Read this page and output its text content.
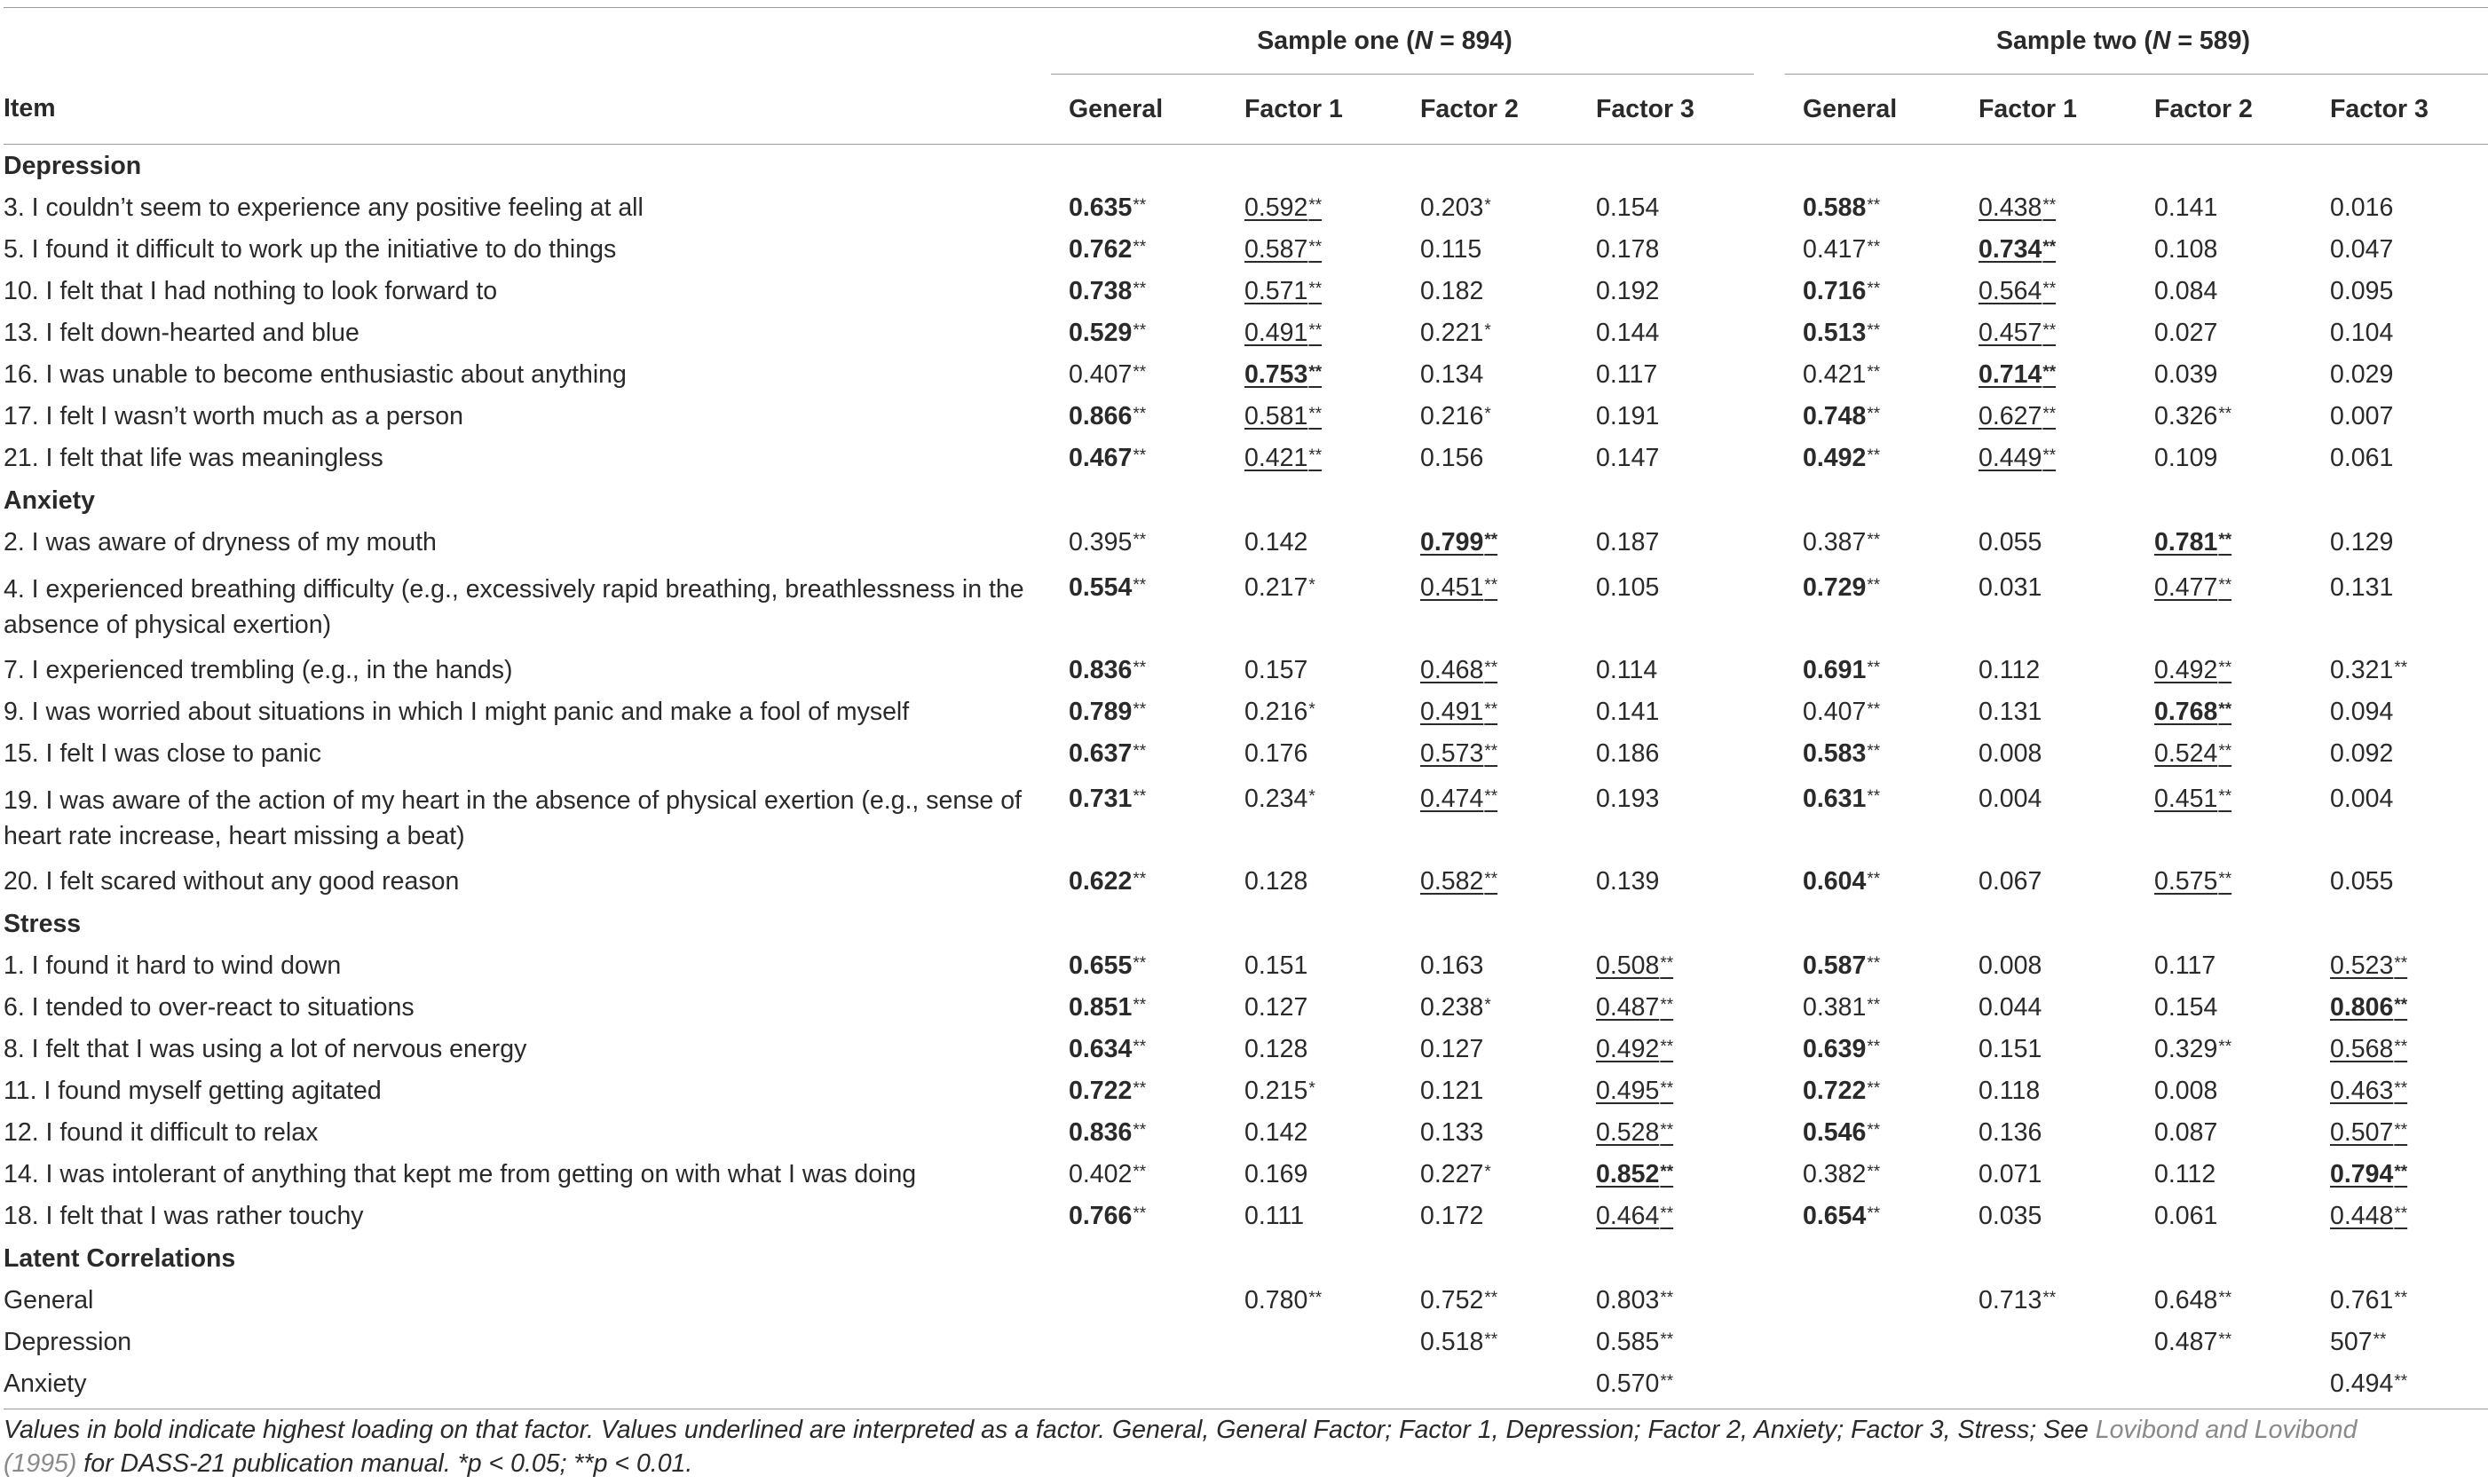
	Sample one (N = 894)					Sample two (N = 589)			
Item	General	Factor 1	Factor 2	Factor 3		General	Factor 1	Factor 2	Factor 3
Depression									
3. I couldn’t seem to experience any positive feeling at all	0.635**	0.592**	0.203*	0.154		0.588**	0.438**	0.141	0.016
5. I found it difficult to work up the initiative to do things	0.762**	0.587**	0.115	0.178		0.417**	0.734**	0.108	0.047
10. I felt that I had nothing to look forward to	0.738**	0.571**	0.182	0.192		0.716**	0.564**	0.084	0.095
13. I felt down-hearted and blue	0.529**	0.491**	0.221*	0.144		0.513**	0.457**	0.027	0.104
16. I was unable to become enthusiastic about anything	0.407**	0.753**	0.134	0.117		0.421**	0.714**	0.039	0.029
17. I felt I wasn’t worth much as a person	0.866**	0.581**	0.216*	0.191		0.748**	0.627**	0.326**	0.007
21. I felt that life was meaningless	0.467**	0.421**	0.156	0.147		0.492**	0.449**	0.109	0.061
Anxiety									
2. I was aware of dryness of my mouth	0.395**	0.142	0.799**	0.187		0.387**	0.055	0.781**	0.129
4. I experienced breathing difficulty (e.g., excessively rapid breathing, breathlessness in the absence of physical exertion)	0.554**	0.217*	0.451**	0.105		0.729**	0.031	0.477**	0.131
7. I experienced trembling (e.g., in the hands)	0.836**	0.157	0.468**	0.114		0.691**	0.112	0.492**	0.321**
9. I was worried about situations in which I might panic and make a fool of myself	0.789**	0.216*	0.491**	0.141		0.407**	0.131	0.768**	0.094
15. I felt I was close to panic	0.637**	0.176	0.573**	0.186		0.583**	0.008	0.524**	0.092
19. I was aware of the action of my heart in the absence of physical exertion (e.g., sense of heart rate increase, heart missing a beat)	0.731**	0.234*	0.474**	0.193		0.631**	0.004	0.451**	0.004
20. I felt scared without any good reason	0.622**	0.128	0.582**	0.139		0.604**	0.067	0.575**	0.055
Stress									
1. I found it hard to wind down	0.655**	0.151	0.163	0.508**		0.587**	0.008	0.117	0.523**
6. I tended to over-react to situations	0.851**	0.127	0.238*	0.487**		0.381**	0.044	0.154	0.806**
8. I felt that I was using a lot of nervous energy	0.634**	0.128	0.127	0.492**		0.639**	0.151	0.329**	0.568**
11. I found myself getting agitated	0.722**	0.215*	0.121	0.495**		0.722**	0.118	0.008	0.463**
12. I found it difficult to relax	0.836**	0.142	0.133	0.528**		0.546**	0.136	0.087	0.507**
14. I was intolerant of anything that kept me from getting on with what I was doing	0.402**	0.169	0.227*	0.852**		0.382**	0.071	0.112	0.794**
18. I felt that I was rather touchy	0.766**	0.111	0.172	0.464**		0.654**	0.035	0.061	0.448**
Latent Correlations									
General		0.780**	0.752**	0.803**			0.713**	0.648**	0.761**
Depression			0.518**	0.585**				0.487**	507**
Anxiety				0.570**					0.494**

Values in bold indicate highest loading on that factor. Values underlined are interpreted as a factor. General, General Factor; Factor 1, Depression; Factor 2, Anxiety; Factor 3, Stress; See Lovibond and Lovibond (1995) for DASS-21 publication manual. *p < 0.05; **p < 0.01.
